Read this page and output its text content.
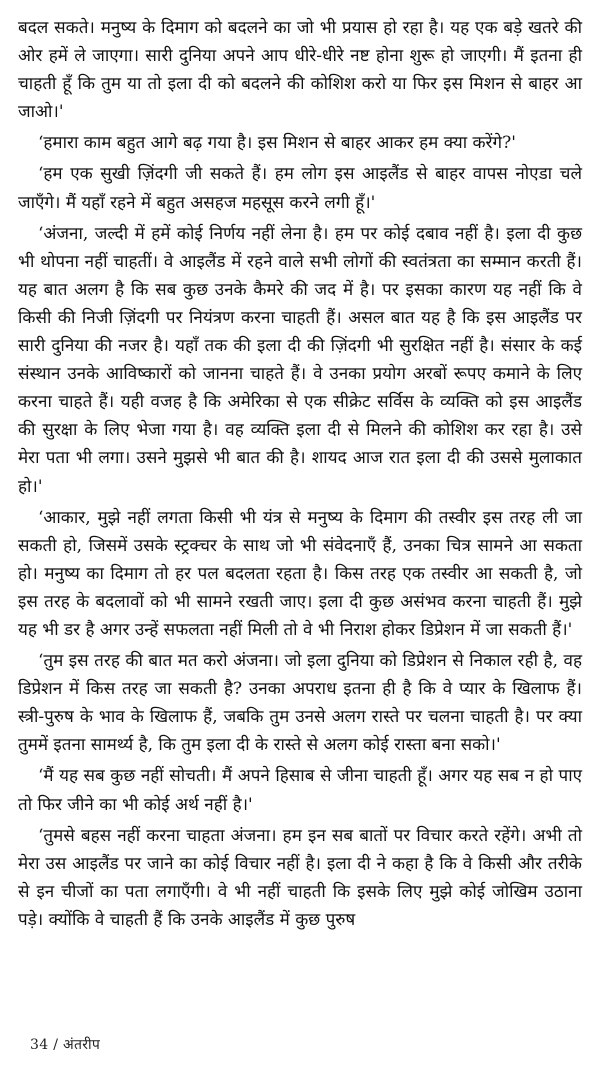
बदल सकते। मनुष्य के दिमाग को बदलने का जो भी प्रयास हो रहा है। यह एक बड़े खतरे की ओर हमें ले जाएगा। सारी दुनिया अपने आप धीरे-धीरे नष्ट होना शुरू हो जाएगी। मैं इतना ही चाहती हूँ कि तुम या तो इला दी को बदलने की कोशिश करो या फिर इस मिशन से बाहर आ जाओ।'

‘हमारा काम बहुत आगे बढ़ गया है। इस मिशन से बाहर आकर हम क्या करेंगे?'

‘हम एक सुखी ज़िंदगी जी सकते हैं। हम लोग इस आइलैंड से बाहर वापस नोएडा चले जाएँगे। मैं यहाँ रहने में बहुत असहज महसूस करने लगी हूँ।'

‘अंजना, जल्दी में हमें कोई निर्णय नहीं लेना है। हम पर कोई दबाव नहीं है। इला दी कुछ भी थोपना नहीं चाहतीं। वे आइलैंड में रहने वाले सभी लोगों की स्वतंत्रता का सम्मान करती हैं। यह बात अलग है कि सब कुछ उनके कैमरे की जद में है। पर इसका कारण यह नहीं कि वे किसी की निजी ज़िंदगी पर नियंत्रण करना चाहती हैं। असल बात यह है कि इस आइलैंड पर सारी दुनिया की नजर है। यहाँ तक की इला दी की ज़िंदगी भी सुरक्षित नहीं है। संसार के कई संस्थान उनके आविष्कारों को जानना चाहते हैं। वे उनका प्रयोग अरबों रूपए कमाने के लिए करना चाहते हैं। यही वजह है कि अमेरिका से एक सीक्रेट सर्विस के व्यक्ति को इस आइलैंड की सुरक्षा के लिए भेजा गया है। वह व्यक्ति इला दी से मिलने की कोशिश कर रहा है। उसे मेरा पता भी लगा। उसने मुझसे भी बात की है। शायद आज रात इला दी की उससे मुलाकात हो।'

‘आकार, मुझे नहीं लगता किसी भी यंत्र से मनुष्य के दिमाग की तस्वीर इस तरह ली जा सकती हो, जिसमें उसके स्ट्रक्चर के साथ जो भी संवेदनाएँ हैं, उनका चित्र सामने आ सकता हो। मनुष्य का दिमाग तो हर पल बदलता रहता है। किस तरह एक तस्वीर आ सकती है, जो इस तरह के बदलावों को भी सामने रखती जाए। इला दी कुछ असंभव करना चाहती हैं। मुझे यह भी डर है अगर उन्हें सफलता नहीं मिली तो वे भी निराश होकर डिप्रेशन में जा सकती हैं।'

‘तुम इस तरह की बात मत करो अंजना। जो इला दुनिया को डिप्रेशन से निकाल रही है, वह डिप्रेशन में किस तरह जा सकती है? उनका अपराध इतना ही है कि वे प्यार के खिलाफ हैं। स्त्री-पुरुष के भाव के खिलाफ हैं, जबकि तुम उनसे अलग रास्ते पर चलना चाहती है। पर क्या तुममें इतना सामर्थ्य है, कि तुम इला दी के रास्ते से अलग कोई रास्ता बना सको।'

‘मैं यह सब कुछ नहीं सोचती। मैं अपने हिसाब से जीना चाहती हूँ। अगर यह सब न हो पाए तो फिर जीने का भी कोई अर्थ नहीं है।'

‘तुमसे बहस नहीं करना चाहता अंजना। हम इन सब बातों पर विचार करते रहेंगे। अभी तो मेरा उस आइलैंड पर जाने का कोई विचार नहीं है। इला दी ने कहा है कि वे किसी और तरीके से इन चीजों का पता लगाएँगी। वे भी नहीं चाहती कि इसके लिए मुझे कोई जोखिम उठाना पड़े। क्योंकि वे चाहती हैं कि उनके आइलैंड में कुछ पुरुष

34 / अंतरीप
